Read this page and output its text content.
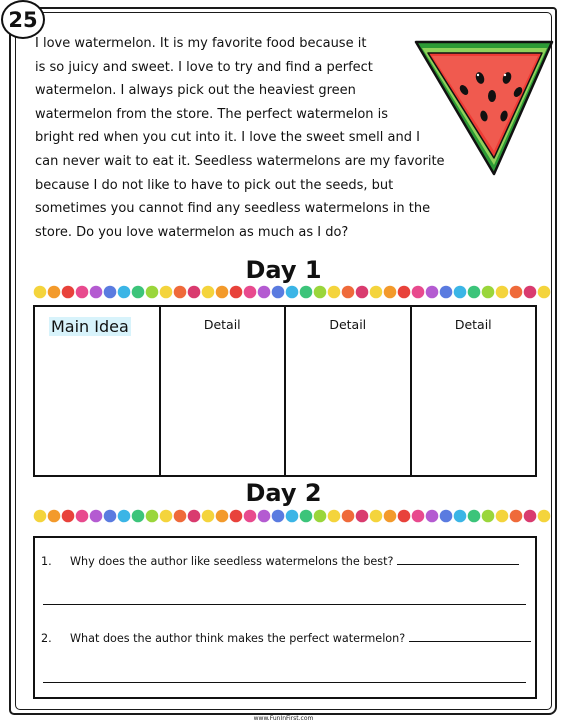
25

I love watermelon. It is my favorite food because it

is so juicy and sweet. I love to try and find a perfect

watermelon. I always pick out the heaviest green

watermelon from the store. The perfect watermelon is

bright red when you cut into it. I love the sweet smell and I

can never wait to eat it. Seedless watermelons are my favorite

because I do not like to have to pick out the seeds, but

sometimes you cannot find any seedless watermelons in the

store. Do you love watermelon as much as I do?

Day 1
Main Idea	Detail	Detail	Detail
Day 2
1. Why does the author like seedless watermelons the best?
2. What does the author think makes the perfect watermelon?
www.FunInFirst.com
